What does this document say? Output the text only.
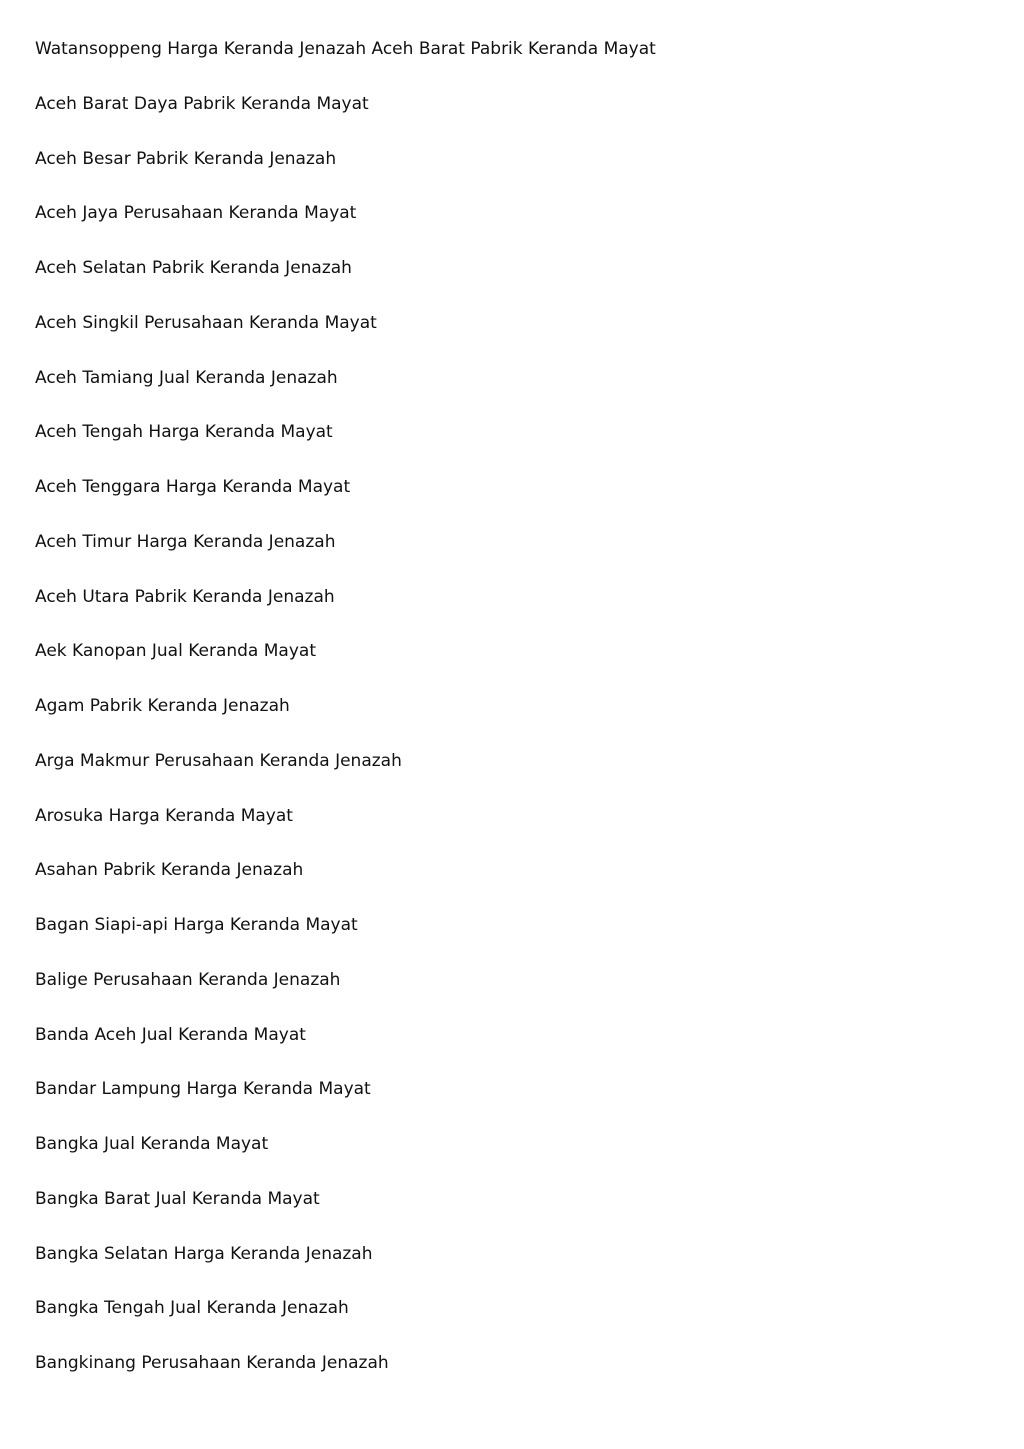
Watansoppeng Harga Keranda Jenazah Aceh Barat Pabrik Keranda Mayat
Aceh Barat Daya Pabrik Keranda Mayat
Aceh Besar Pabrik Keranda Jenazah
Aceh Jaya Perusahaan Keranda Mayat
Aceh Selatan Pabrik Keranda Jenazah
Aceh Singkil Perusahaan Keranda Mayat
Aceh Tamiang Jual Keranda Jenazah
Aceh Tengah Harga Keranda Mayat
Aceh Tenggara Harga Keranda Mayat
Aceh Timur Harga Keranda Jenazah
Aceh Utara Pabrik Keranda Jenazah
Aek Kanopan Jual Keranda Mayat
Agam Pabrik Keranda Jenazah
Arga Makmur Perusahaan Keranda Jenazah
Arosuka Harga Keranda Mayat
Asahan Pabrik Keranda Jenazah
Bagan Siapi-api Harga Keranda Mayat
Balige Perusahaan Keranda Jenazah
Banda Aceh Jual Keranda Mayat
Bandar Lampung Harga Keranda Mayat
Bangka Jual Keranda Mayat
Bangka Barat Jual Keranda Mayat
Bangka Selatan Harga Keranda Jenazah
Bangka Tengah Jual Keranda Jenazah
Bangkinang Perusahaan Keranda Jenazah
